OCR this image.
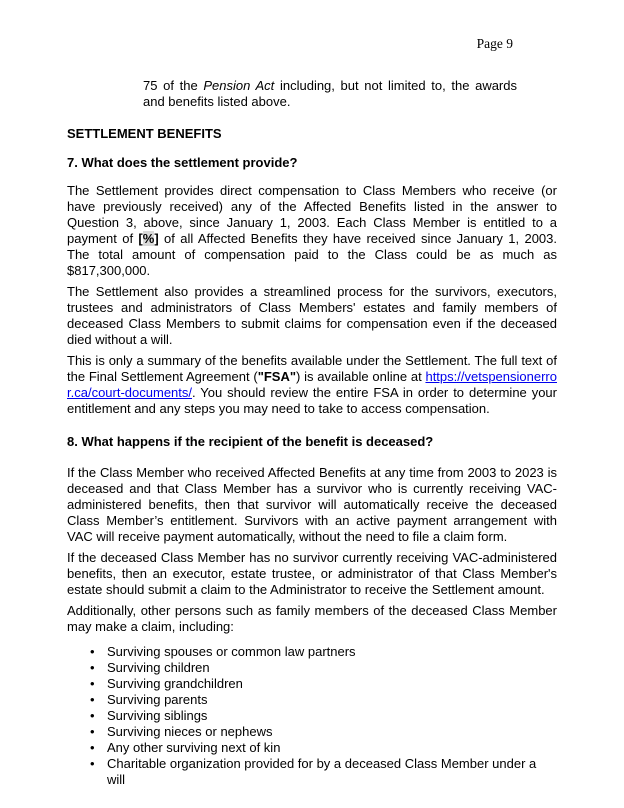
Page 9

75 of the Pension Act including, but not limited to, the awards and benefits listed above.

SETTLEMENT BENEFITS

7. What does the settlement provide?

The Settlement provides direct compensation to Class Members who receive (or have previously received) any of the Affected Benefits listed in the answer to Question 3, above, since January 1, 2003. Each Class Member is entitled to a payment of [%] of all Affected Benefits they have received since January 1, 2003. The total amount of compensation paid to the Class could be as much as $817,300,000.

The Settlement also provides a streamlined process for the survivors, executors, trustees and administrators of Class Members' estates and family members of deceased Class Members to submit claims for compensation even if the deceased died without a will.

This is only a summary of the benefits available under the Settlement. The full text of the Final Settlement Agreement ("FSA") is available online at https://vetspensionerror.ca/court-documents/. You should review the entire FSA in order to determine your entitlement and any steps you may need to take to access compensation.

8. What happens if the recipient of the benefit is deceased?

If the Class Member who received Affected Benefits at any time from 2003 to 2023 is deceased and that Class Member has a survivor who is currently receiving VAC-administered benefits, then that survivor will automatically receive the deceased Class Member’s entitlement. Survivors with an active payment arrangement with VAC will receive payment automatically, without the need to file a claim form.

If the deceased Class Member has no survivor currently receiving VAC-administered benefits, then an executor, estate trustee, or administrator of that Class Member's estate should submit a claim to the Administrator to receive the Settlement amount.

Additionally, other persons such as family members of the deceased Class Member may make a claim, including:

• Surviving spouses or common law partners
• Surviving children
• Surviving grandchildren
• Surviving parents
• Surviving siblings
• Surviving nieces or nephews
• Any other surviving next of kin
• Charitable organization provided for by a deceased Class Member under a will
